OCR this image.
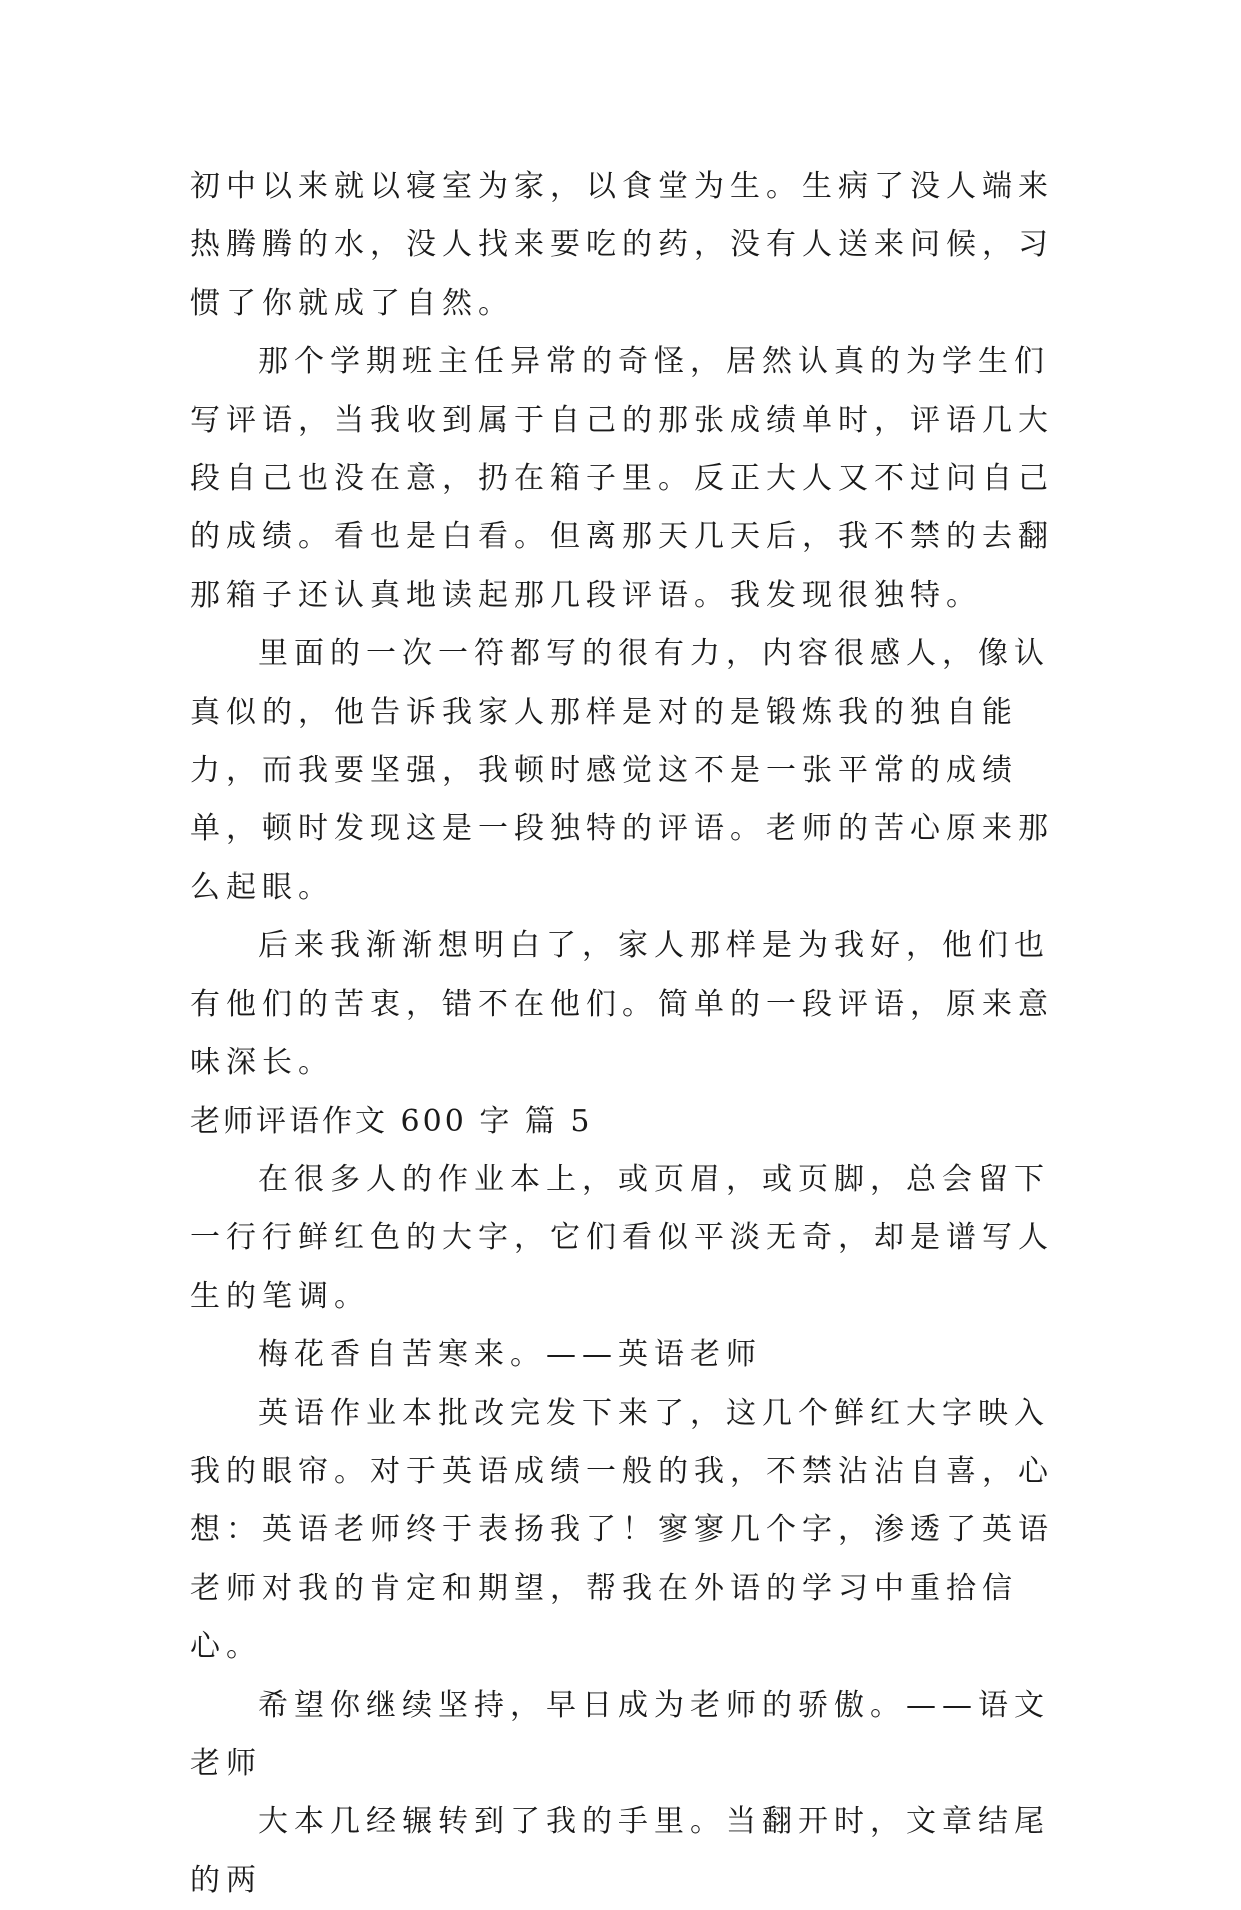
初中以来就以寝室为家，以食堂为生。生病了没人端来热腾腾的水，没人找来要吃的药，没有人送来问候，习惯了你就成了自然。

那个学期班主任异常的奇怪，居然认真的为学生们写评语，当我收到属于自己的那张成绩单时，评语几大段自己也没在意，扔在箱子里。反正大人又不过问自己的成绩。看也是白看。但离那天几天后，我不禁的去翻那箱子还认真地读起那几段评语。我发现很独特。

里面的一次一符都写的很有力，内容很感人，像认真似的，他告诉我家人那样是对的是锻炼我的独自能力，而我要坚强，我顿时感觉这不是一张平常的成绩单，顿时发现这是一段独特的评语。老师的苦心原来那么起眼。

后来我渐渐想明白了，家人那样是为我好，他们也有他们的苦衷，错不在他们。简单的一段评语，原来意味深长。

老师评语作文 600 字 篇 5

在很多人的作业本上，或页眉，或页脚，总会留下一行行鲜红色的大字，它们看似平淡无奇，却是谱写人生的笔调。

梅花香自苦寒来。——英语老师

英语作业本批改完发下来了，这几个鲜红大字映入我的眼帘。对于英语成绩一般的我，不禁沾沾自喜，心想：英语老师终于表扬我了！寥寥几个字，渗透了英语老师对我的肯定和期望，帮我在外语的学习中重拾信心。

希望你继续坚持，早日成为老师的骄傲。——语文老师

大本几经辗转到了我的手里。当翻开时，文章结尾的两
